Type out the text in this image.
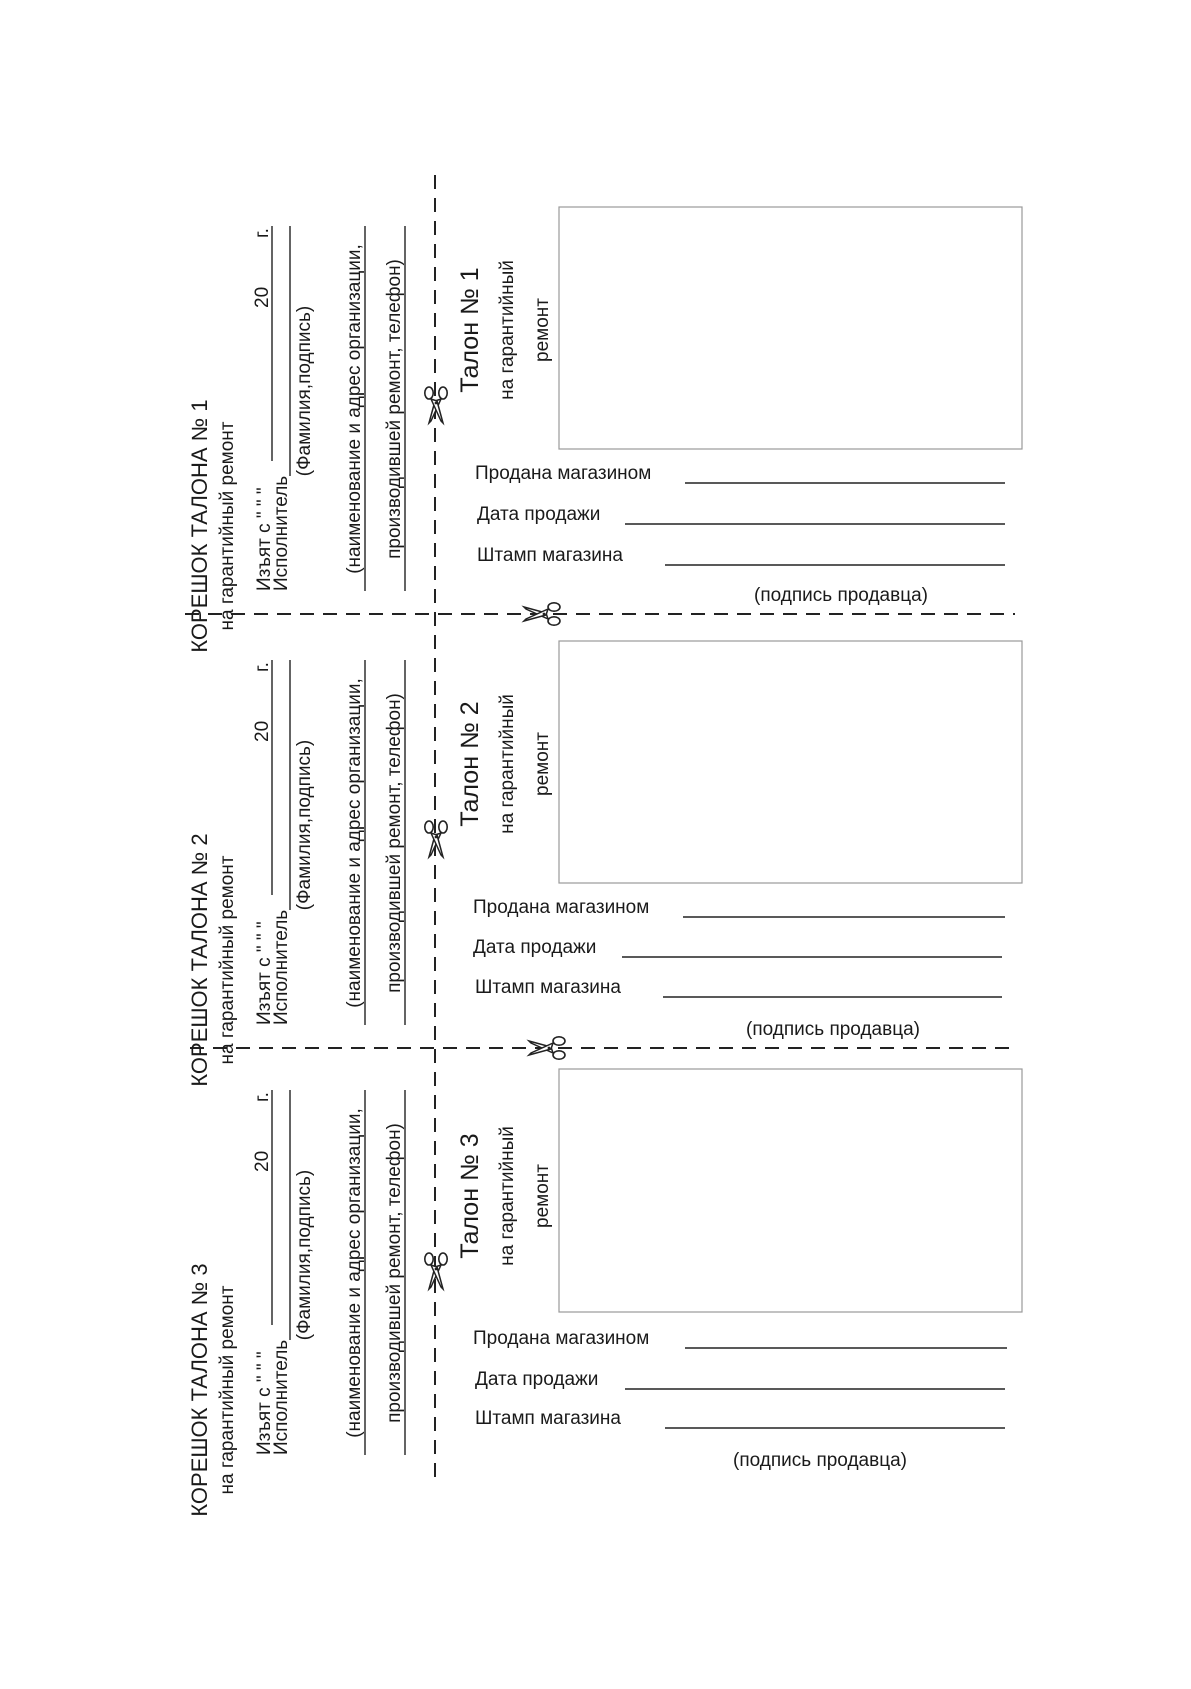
КОРЕШОК ТАЛОНА № 1 на гарантийный ремонт Изъят с " " "
20
г.
Исполнитель
(Фамилия,подпись) (наименование и адрес организации, производившей ремонт, телефон) Талон № 1 на гарантийный ремонт
Продана магазином
Дата продажи
Штамп магазина
(подпись продавца)
КОРЕШОК ТАЛОНА № 2 на гарантийный ремонт Изъят с " " "
20
г.
Исполнитель
(Фамилия,подпись) (наименование и адрес организации, производившей ремонт, телефон) Талон № 2 на гарантийный ремонт
Продана магазином
Дата продажи
Штамп магазина
(подпись продавца)
КОРЕШОК ТАЛОНА № 3 на гарантийный ремонт Изъят с " " "
20
г.
Исполнитель
(Фамилия,подпись) (наименование и адрес организации, производившей ремонт, телефон) Талон № 3 на гарантийный ремонт
Продана магазином
Дата продажи
Штамп магазина
(подпись продавца)
